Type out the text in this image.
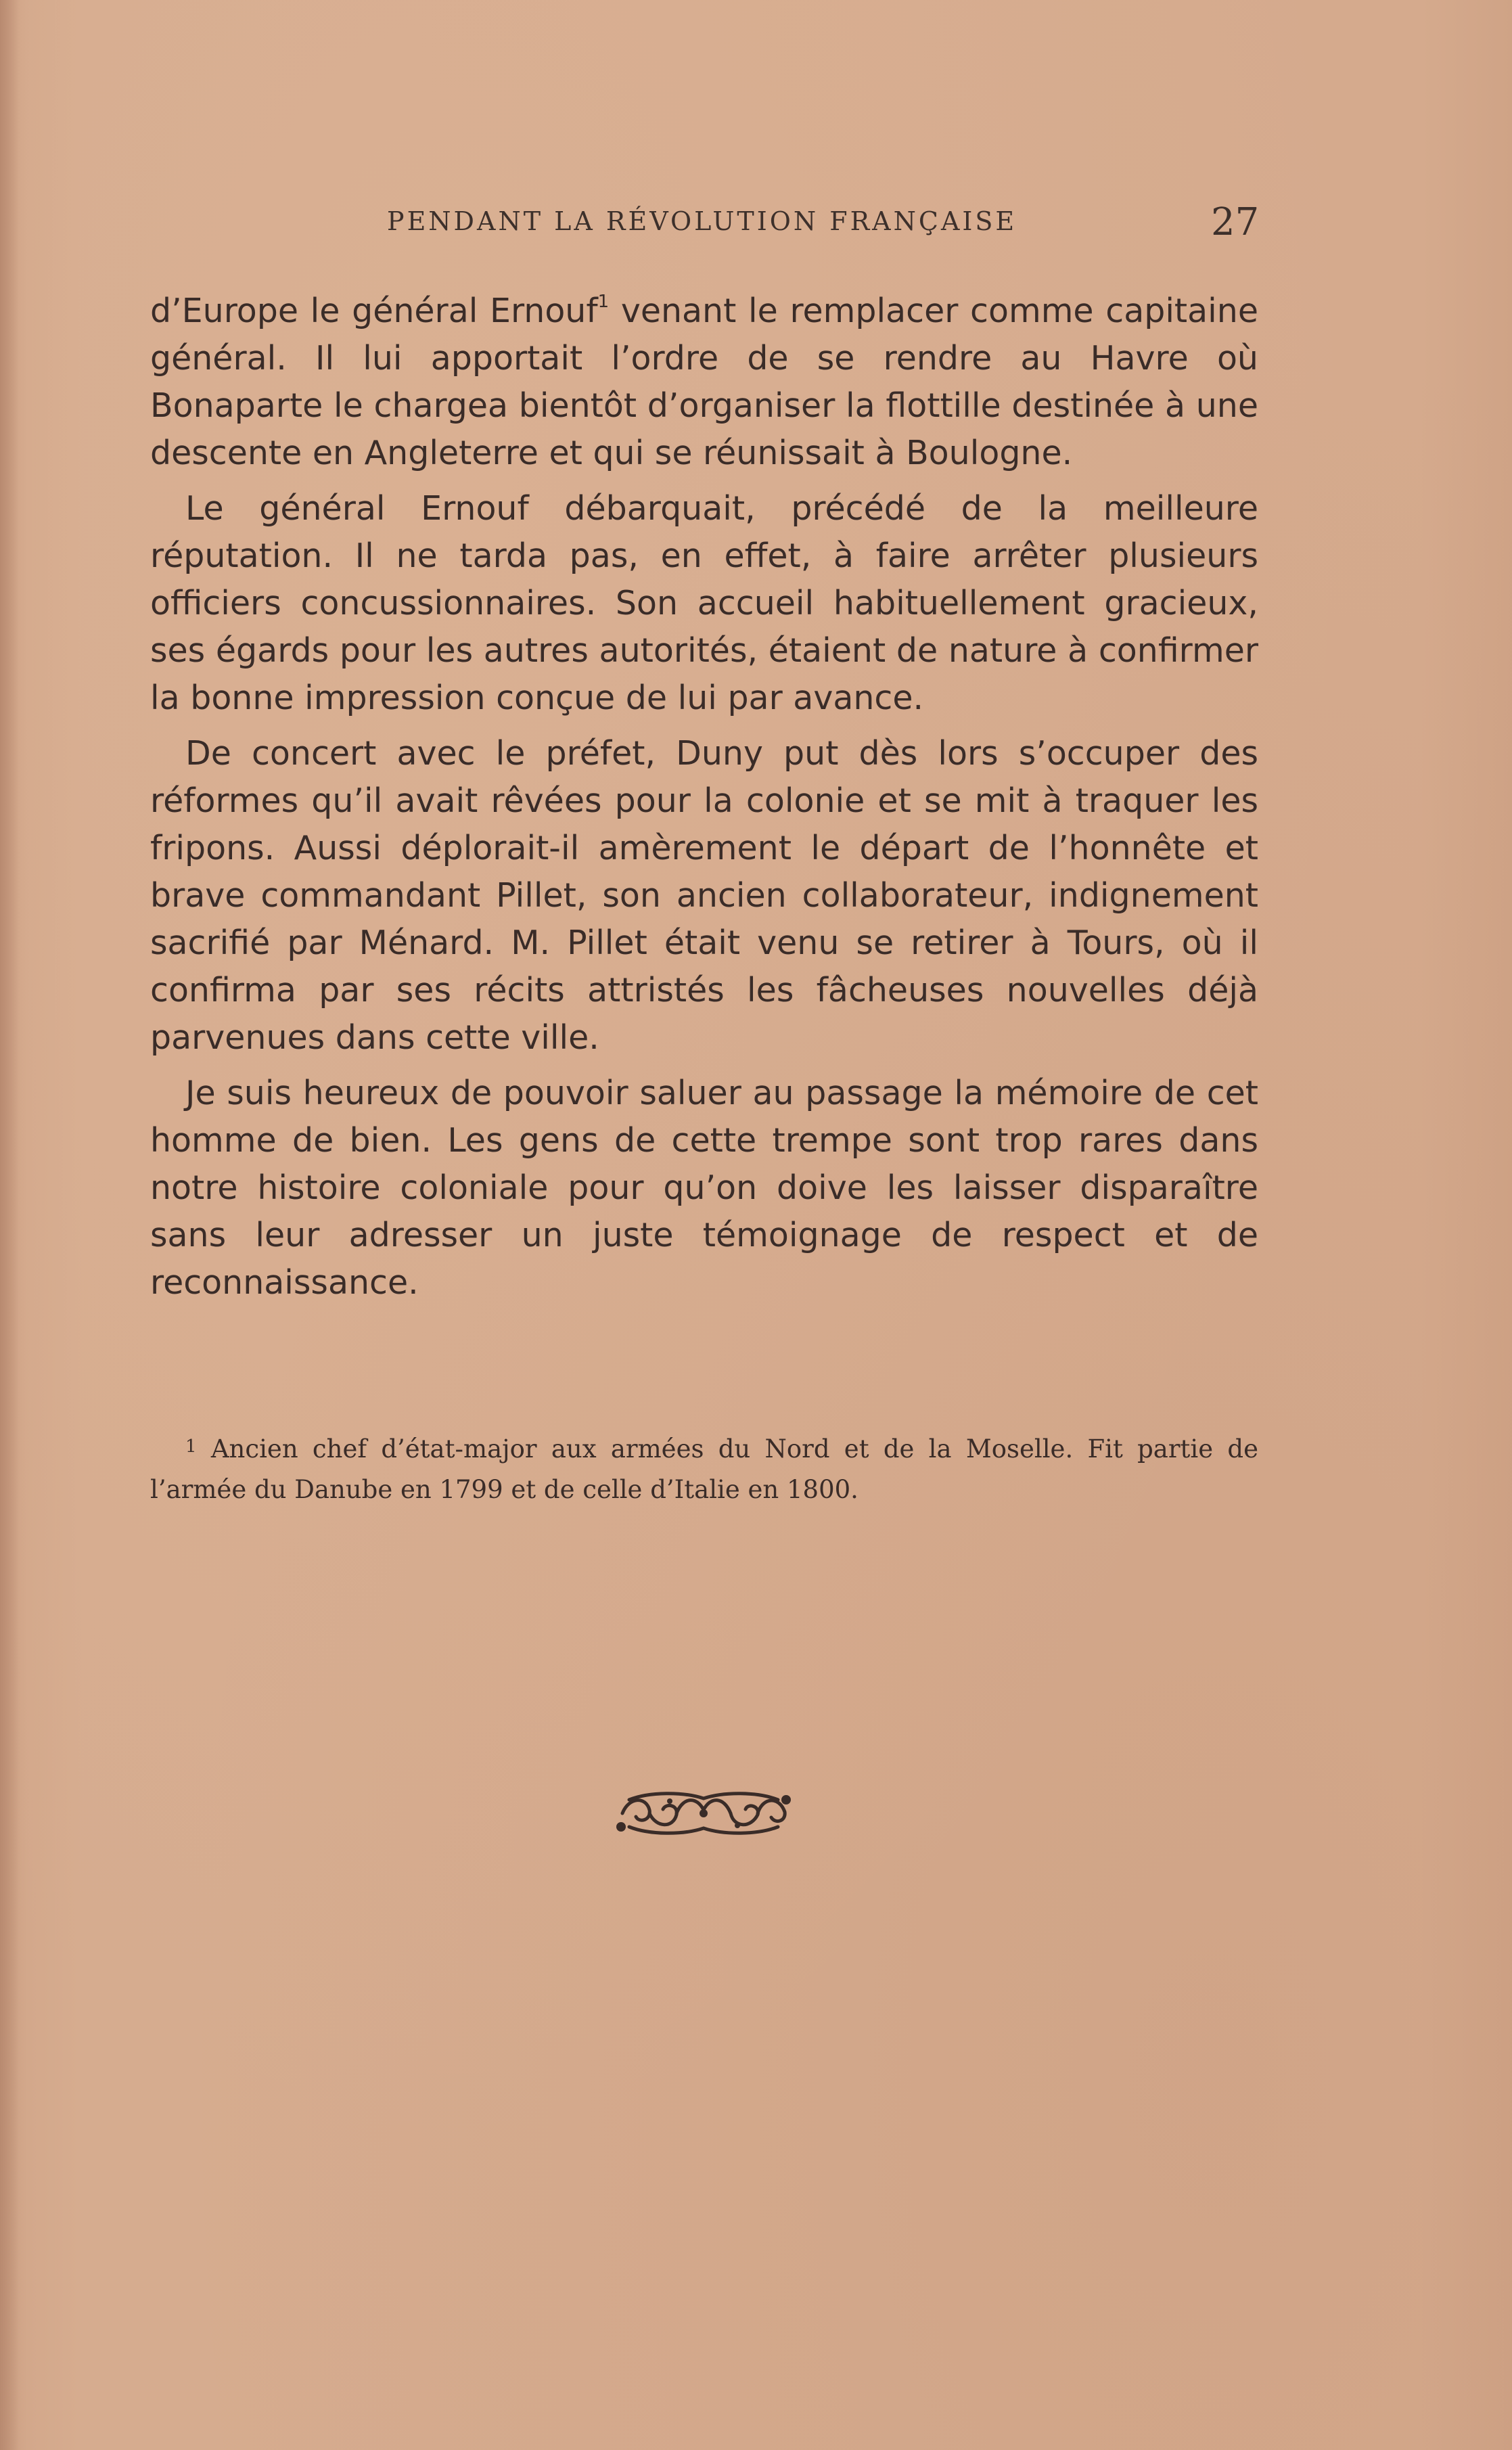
PENDANT LA RÉVOLUTION FRANÇAISE	27

d’Europe le général Ernouf$^1$ venant le remplacer comme capitaine général. Il lui apportait l’ordre de se rendre au Havre où Bonaparte le chargea bientôt d’organiser la flottille destinée à une descente en Angleterre et qui se réunissait à Boulogne.

Le général Ernouf débarquait, précédé de la meilleure réputation. Il ne tarda pas, en effet, à faire arrêter plusieurs officiers concussionnaires. Son accueil habituellement gracieux, ses égards pour les autres autorités, étaient de nature à confirmer la bonne impression conçue de lui par avance.

De concert avec le préfet, Duny put dès lors s’occuper des réformes qu’il avait rêvées pour la colonie et se mit à traquer les fripons. Aussi déplorait-il amèrement le départ de l’honnête et brave commandant Pillet, son ancien collaborateur, indignement sacrifié par Ménard. M. Pillet était venu se retirer à Tours, où il confirma par ses récits attristés les fâcheuses nouvelles déjà parvenues dans cette ville.

Je suis heureux de pouvoir saluer au passage la mémoire de cet homme de bien. Les gens de cette trempe sont trop rares dans notre histoire coloniale pour qu’on doive les laisser disparaître sans leur adresser un juste témoignage de respect et de reconnaissance.

$^1$ Ancien chef d’état-major aux armées du Nord et de la Moselle. Fit partie de l’armée du Danube en 1799 et de celle d’Italie en 1800.
